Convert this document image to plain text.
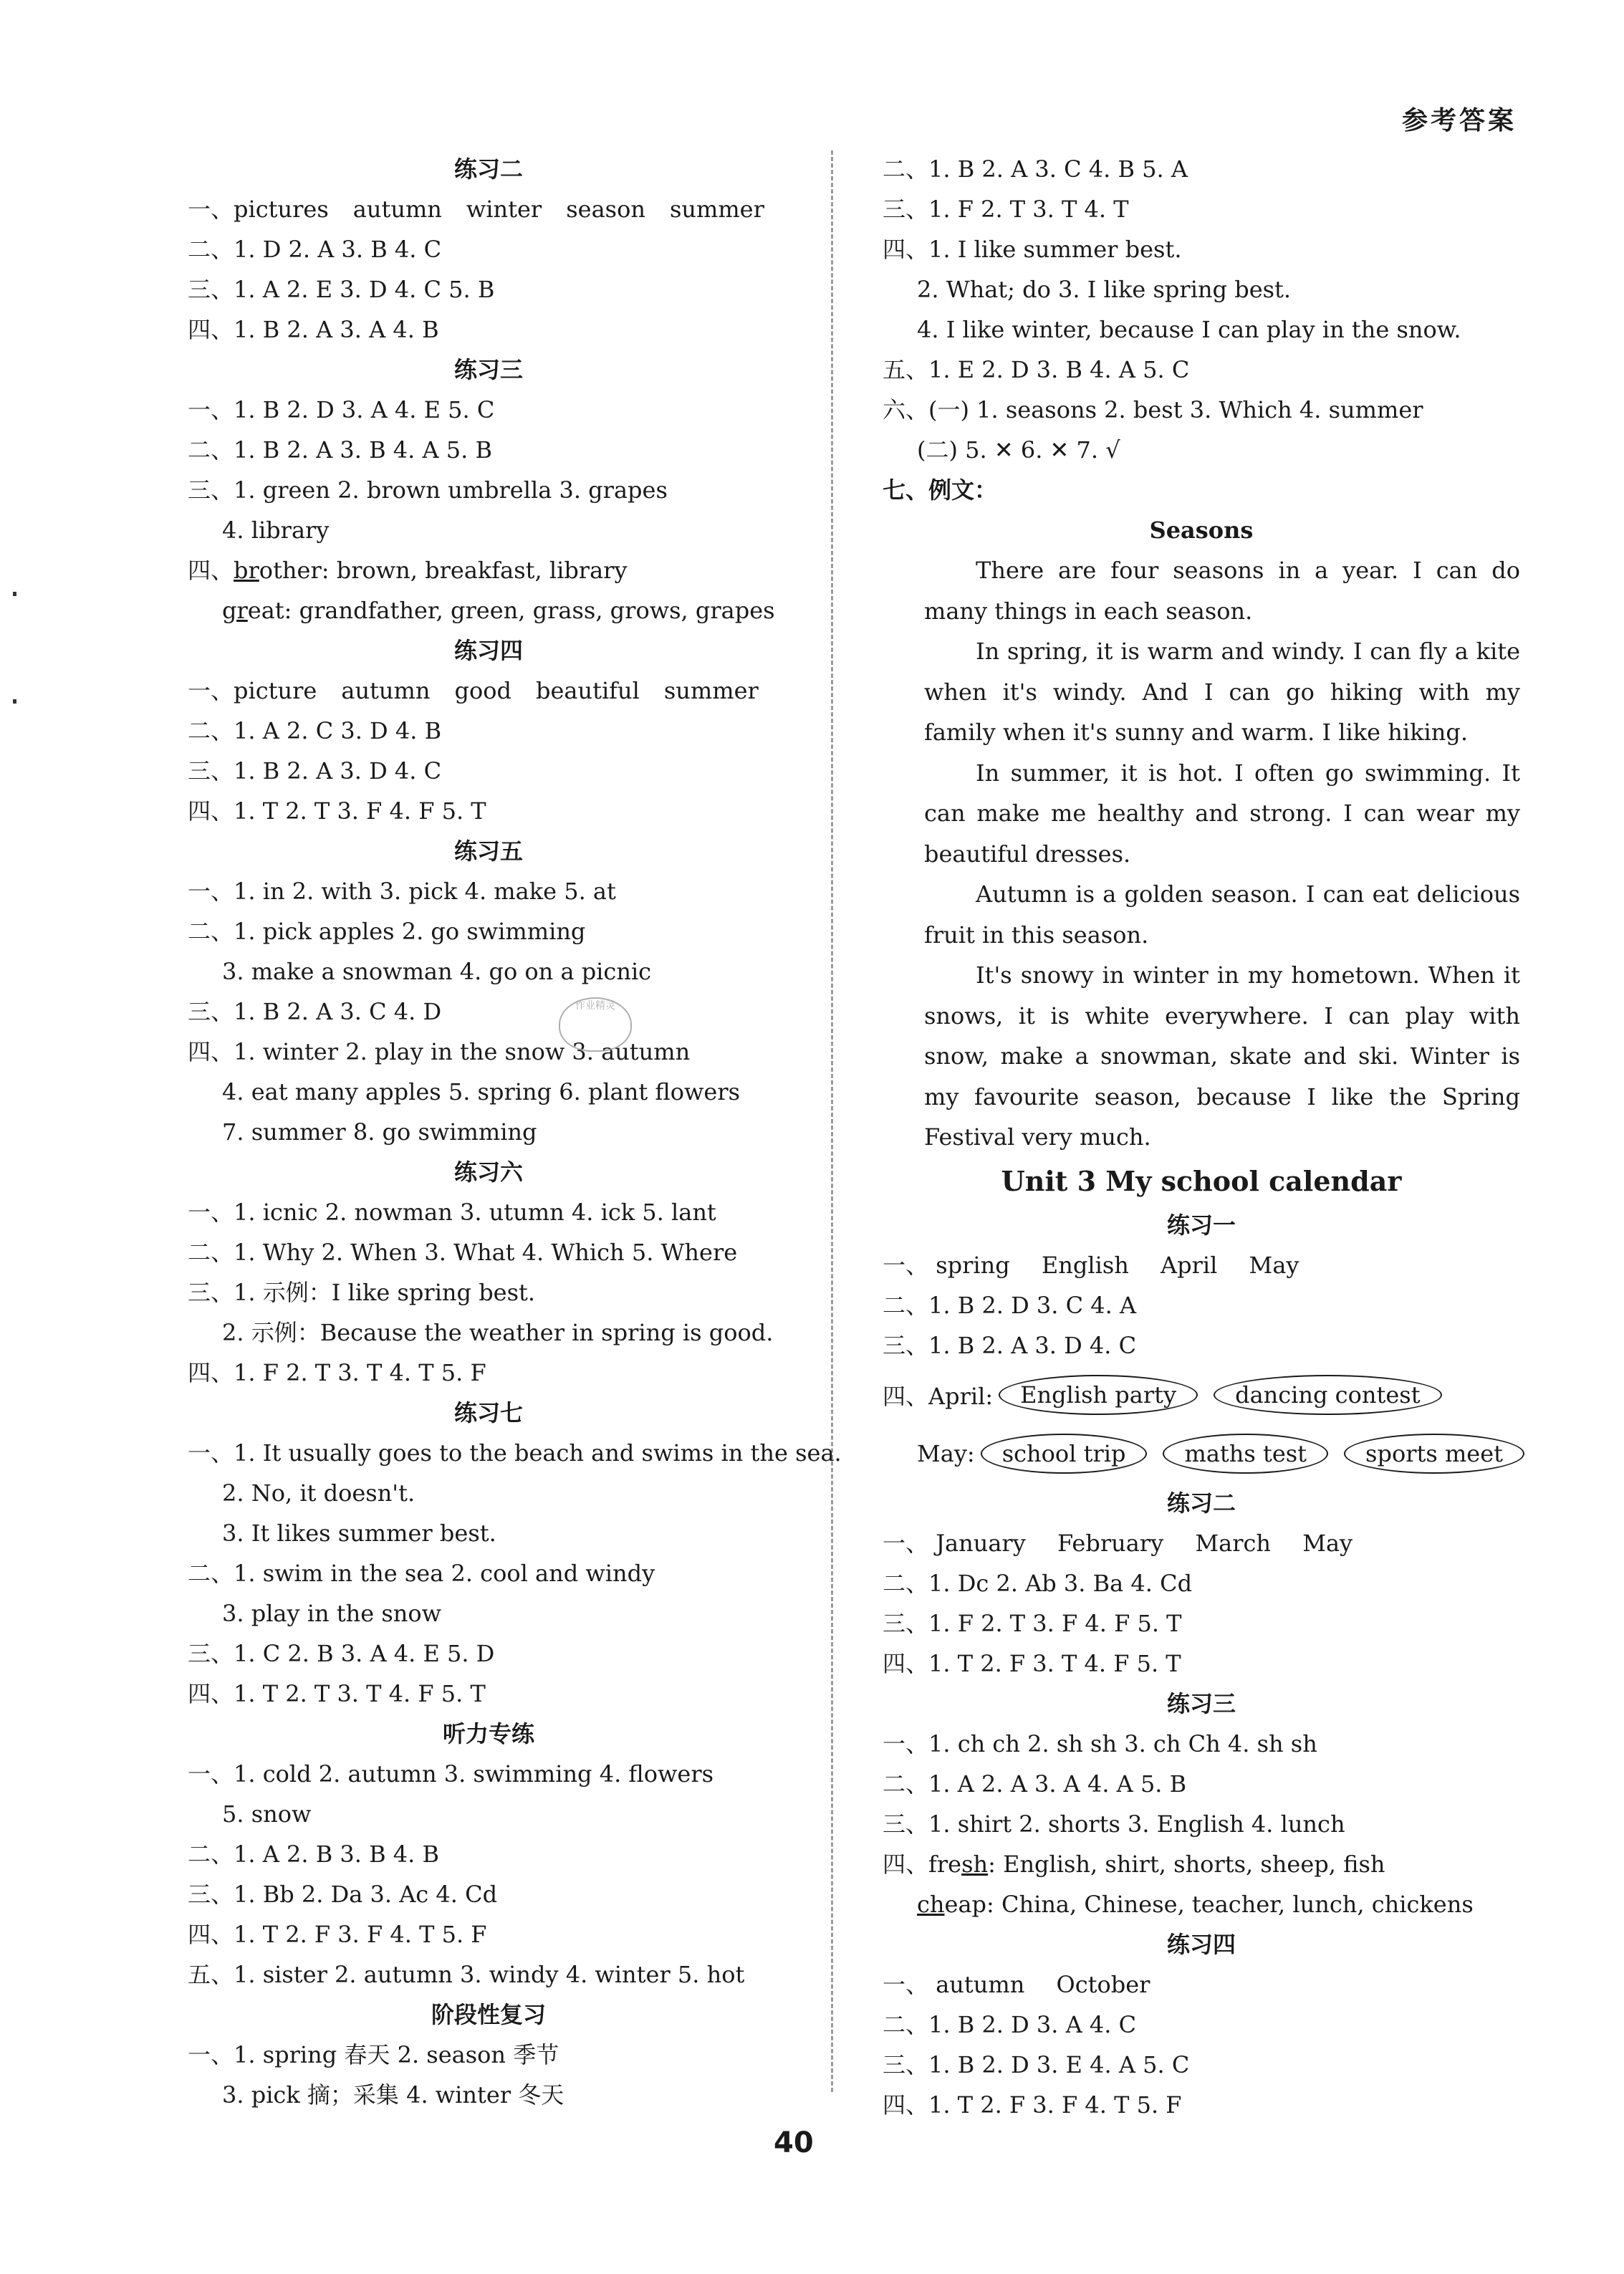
参考答案
练习二
一、pictures autumn winter season summer
二、1. D 2. A 3. B 4. C
三、1. A 2. E 3. D 4. C 5. B
四、1. B 2. A 3. A 4. B
练习三
一、1. B 2. D 3. A 4. E 5. C
二、1. B 2. A 3. B 4. A 5. B
三、1. green 2. brown umbrella 3. grapes
4. library
四、brother: brown, breakfast, library
great: grandfather, green, grass, grows, grapes
练习四
一、picture autumn good beautiful summer
二、1. A 2. C 3. D 4. B
三、1. B 2. A 3. D 4. C
四、1. T 2. T 3. F 4. F 5. T
练习五
一、1. in 2. with 3. pick 4. make 5. at
二、1. pick apples 2. go swimming
3. make a snowman 4. go on a picnic
三、1. B 2. A 3. C 4. D
四、1. winter 2. play in the snow 3. autumn
4. eat many apples 5. spring 6. plant flowers
7. summer 8. go swimming
练习六
一、1. icnic 2. nowman 3. utumn 4. ick 5. lant
二、1. Why 2. When 3. What 4. Which 5. Where
三、1. 示例：I like spring best.
2. 示例：Because the weather in spring is good.
四、1. F 2. T 3. T 4. T 5. F
练习七
一、1. It usually goes to the beach and swims in the sea.
2. No, it doesn't.
3. It likes summer best.
二、1. swim in the sea 2. cool and windy
3. play in the snow
三、1. C 2. B 3. A 4. E 5. D
四、1. T 2. T 3. T 4. F 5. T
听力专练
一、1. cold 2. autumn 3. swimming 4. flowers
5. snow
二、1. A 2. B 3. B 4. B
三、1. Bb 2. Da 3. Ac 4. Cd
四、1. T 2. F 3. F 4. T 5. F
五、1. sister 2. autumn 3. windy 4. winter 5. hot
阶段性复习
一、1. spring 春天 2. season 季节
3. pick 摘；采集 4. winter 冬天
二、1. B 2. A 3. C 4. B 5. A
三、1. F 2. T 3. T 4. T
四、1. I like summer best.
2. What; do 3. I like spring best.
4. I like winter, because I can play in the snow.
五、1. E 2. D 3. B 4. A 5. C
六、(一) 1. seasons 2. best 3. Which 4. summer
(二) 5. ✕ 6. ✕ 7. √
七、例文：
Seasons
There are four seasons in a year. I can do many things in each season.
In spring, it is warm and windy. I can fly a kite when it's windy. And I can go hiking with my family when it's sunny and warm. I like hiking.
In summer, it is hot. I often go swimming. It can make me healthy and strong. I can wear my beautiful dresses.
Autumn is a golden season. I can eat delicious fruit in this season.
It's snowy in winter in my hometown. When it snows, it is white everywhere. I can play with snow, make a snowman, skate and ski. Winter is my favourite season, because I like the Spring Festival very much.
Unit 3 My school calendar
练习一
一、 spring English April May
二、1. B 2. D 3. C 4. A
三、1. B 2. A 3. D 4. C
四、April:	English party	dancing contest
May:	school trip	maths test	sports meet
练习二
一、 January February March May
二、1. Dc 2. Ab 3. Ba 4. Cd
三、1. F 2. T 3. F 4. F 5. T
四、1. T 2. F 3. T 4. F 5. T
练习三
一、1. ch ch 2. sh sh 3. ch Ch 4. sh sh
二、1. A 2. A 3. A 4. A 5. B
三、1. shirt 2. shorts 3. English 4. lunch
四、fresh: English, shirt, shorts, sheep, fish
cheap: China, Chinese, teacher, lunch, chickens
练习四
一、 autumn October
二、1. B 2. D 3. A 4. C
三、1. B 2. D 3. E 4. A 5. C
四、1. T 2. F 3. F 4. T 5. F
作业精灵
40
